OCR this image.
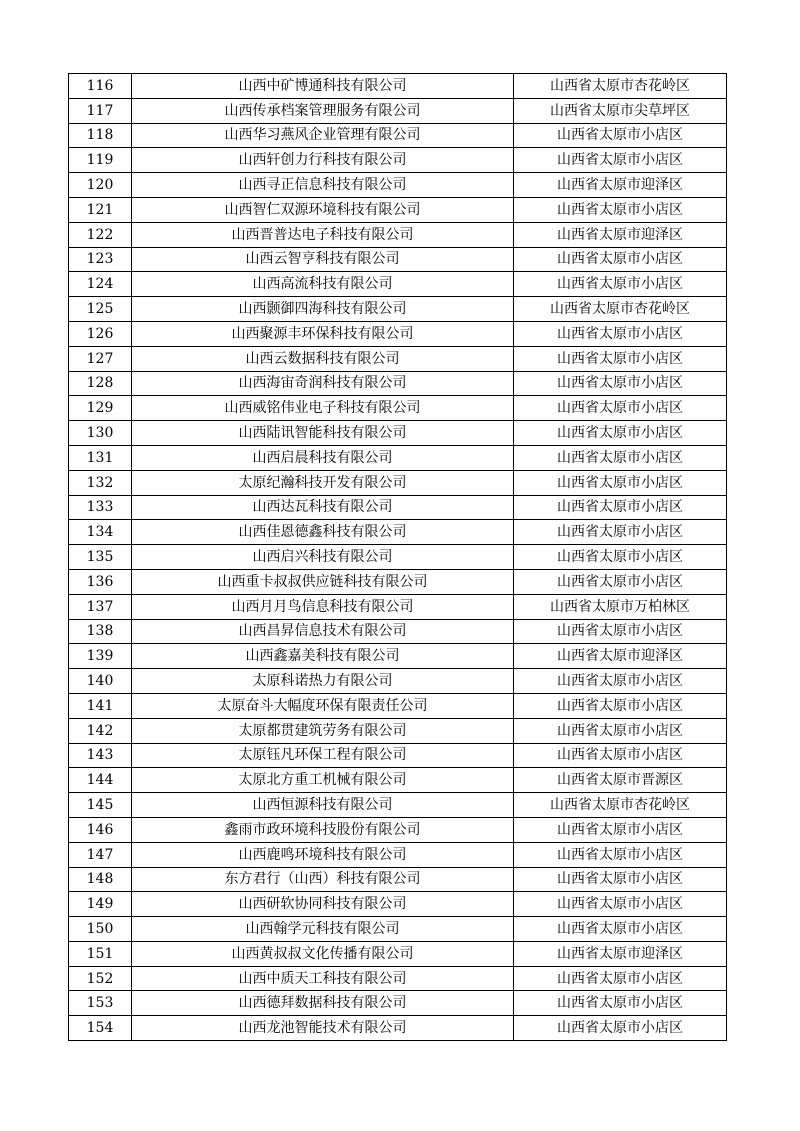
116	山西中矿博通科技有限公司	山西省太原市杏花岭区
117	山西传承档案管理服务有限公司	山西省太原市尖草坪区
118	山西华习燕风企业管理有限公司	山西省太原市小店区
119	山西轩创力行科技有限公司	山西省太原市小店区
120	山西寻正信息科技有限公司	山西省太原市迎泽区
121	山西智仁双源环境科技有限公司	山西省太原市小店区
122	山西晋普达电子科技有限公司	山西省太原市迎泽区
123	山西云智亨科技有限公司	山西省太原市小店区
124	山西高流科技有限公司	山西省太原市小店区
125	山西颢御四海科技有限公司	山西省太原市杏花岭区
126	山西聚源丰环保科技有限公司	山西省太原市小店区
127	山西云数据科技有限公司	山西省太原市小店区
128	山西海宙奇润科技有限公司	山西省太原市小店区
129	山西威铭伟业电子科技有限公司	山西省太原市小店区
130	山西陆讯智能科技有限公司	山西省太原市小店区
131	山西启晨科技有限公司	山西省太原市小店区
132	太原纪瀚科技开发有限公司	山西省太原市小店区
133	山西达瓦科技有限公司	山西省太原市小店区
134	山西佳恩德鑫科技有限公司	山西省太原市小店区
135	山西启兴科技有限公司	山西省太原市小店区
136	山西重卡叔叔供应链科技有限公司	山西省太原市小店区
137	山西月月鸟信息科技有限公司	山西省太原市万柏林区
138	山西昌昇信息技术有限公司	山西省太原市小店区
139	山西鑫嘉美科技有限公司	山西省太原市迎泽区
140	太原科诺热力有限公司	山西省太原市小店区
141	太原奋斗大幅度环保有限责任公司	山西省太原市小店区
142	太原都贯建筑劳务有限公司	山西省太原市小店区
143	太原钰凡环保工程有限公司	山西省太原市小店区
144	太原北方重工机械有限公司	山西省太原市晋源区
145	山西恒源科技有限公司	山西省太原市杏花岭区
146	鑫雨市政环境科技股份有限公司	山西省太原市小店区
147	山西鹿鸣环境科技有限公司	山西省太原市小店区
148	东方君行（山西）科技有限公司	山西省太原市小店区
149	山西研软协同科技有限公司	山西省太原市小店区
150	山西翰学元科技有限公司	山西省太原市小店区
151	山西黄叔叔文化传播有限公司	山西省太原市迎泽区
152	山西中质天工科技有限公司	山西省太原市小店区
153	山西德拜数据科技有限公司	山西省太原市小店区
154	山西龙池智能技术有限公司	山西省太原市小店区
